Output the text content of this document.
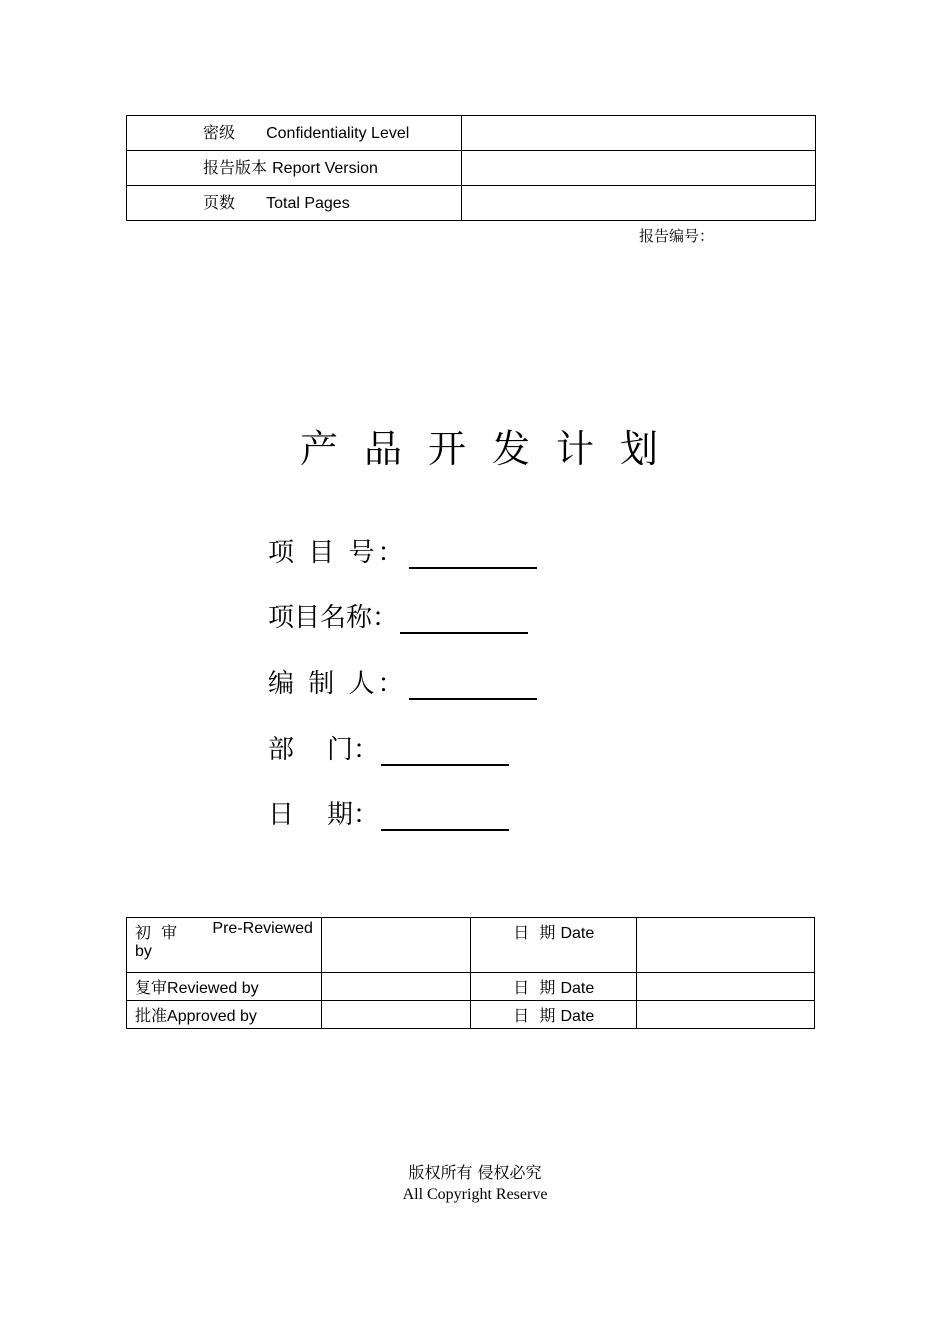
密级 Confidentiality Level	

报告版本 Report Version	

页数 Total Pages	

报告编号：
产品开发计划
项 目 号：
项目名称：
编 制 人：
部    门：
日    期：
初  审 Pre-Reviewed
by		日  期 Date	
复审Reviewed by		日  期 Date	
批准Approved by		日  期 Date	
版权所有 侵权必究
All Copyright Reserve
